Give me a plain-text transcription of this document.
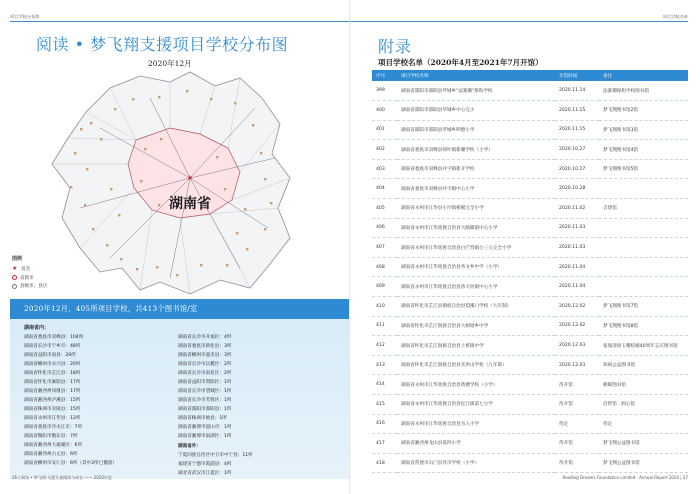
项目学校分布图
阅读 • 梦飞翔支援项目学校分布图
2020年12月
★
湖南省
图例
★ 省会
省辖市
县级市、县区
2020年12月，405所项目学校，共413个图书馆/室
湖南省内：
湖南省娄底市双峰县：104所
湖南省长沙市宁乡市：48所
湖南省益阳市南县：29所
湖南省郴州市永兴县：20所
湖南省怀化市芷江县：18所
湖南省怀化市麻阳县：17所
湖南省湘西州凤凰县：17所
湖南省湘西州泸溪县：15所
湖南省株洲市炎陵县：15所
湖南省永州市江华县：12所
湖南省娄底市冷水江市：7所
湖南省衡阳市衡东县：7所
湖南省湘西州大通湖区：6所
湖南省湘西州古丈县：6所
湖南省郴州市安仁县：6所（其中2所已撤废）
湖南省长沙市开福区：4所
湖南省娄底市新化县：3所
湖南省郴州市嘉禾县：3所
湖南省长沙市岳麓区：2所
湖南省长沙市雨花区：2所
湖南省益阳市资阳区：1所
湖南省长沙市望城区：1所
湖南省长沙市芙蓉区：1所
湖南省邵阳市邵阳县：1所
湖南省株洲市攸县：1所
湖南省湘潭市韶山市：1所
湖南省湘潭市雨湖区：1所
湖南省外：
宁夏回族自治区中卫市中宁县：11所
福建省宁德市霞浦县：4所
湖北省武汉市江夏区：1所
26 | 阅读 • 梦飞翔 支援儿童阅读与成长 —— 2020年度
项目学校名单
附录
项目学校名单（2020年4月至2021年7月开馆）
序号	项目学校名称	开馆时间	备注
399	湖南省邵阳市邵阳县罗城乡"法寨珊"保和学校	2020.11.14	法寨珊保和学校图书馆
400	湖南省邵阳市邵阳县罗城乡中心完小	2020.11.15	梦飞翔图书馆2馆
401	湖南省邵阳市邵阳县罗城乡明德小学	2020.11.15	梦飞翔图书馆3馆
402	湖南省娄底市双峰县荷叶镇新耀学校（小学）	2020.10.27	梦飞翔图书馆4馆
403	湖南省娄底市双峰县井字镇新开学校	2020.10.27	梦飞翔图书馆5馆
404	湖南省娄底市双峰县井字镇中心小学	2020.10.28	
405	湖南省永州市江华县小圩镇桥铺完全小学	2020.11.02	自建馆
406	湖南省永州市江华瑶族自治县大路铺镇中心小学	2020.11.03	
407	湖南省永州市江华瑶族自治县白芒营镇小三元完全小学	2020.11.03	
408	湖南省永州市江华瑶族自治县务文乡中学（小学）	2020.11.04	
409	湖南省永州市江华瑶族自治县涔天河镇中心小学	2020.11.04	
410	湖南省怀化市芷江县侗族自治县梨溪口学校（九年制）	2020.12.02	梦飞翔图书馆7馆
411	湖南省怀化市芷江侗族自治县大树坳乡中学	2020.12.02	梦飞翔图书馆8馆
412	湖南省怀化市芷江侗族自治县土桥镇中学	2020.12.03	张瑞清徐玉耀结婚40周年志庆图书馆
413	湖南省怀化市芷江侗族自治县禾洪山学校（九年制）	2020.12.03	知病公益图书馆
414	湖南省永州市江华瑶族自治县黄塘学校（小学）	待开馆	朝晖图书馆
415	湖南省永州市江华瑶族自治县沱江镇第七小学	待开馆	启智馆 · 润心馆
416	湖南省永州市江华瑶族自治县为人小学	待定	待定
417	湖南省湘西州龙山县第四小学	待开馆	梦飞翔公益图书馆
418	湖南省常德市石门县苏市学校（小学）	待开馆	梦飞翔公益图书馆
Reading Dreams Foundation Limited · Annual Report 2020 | 27
